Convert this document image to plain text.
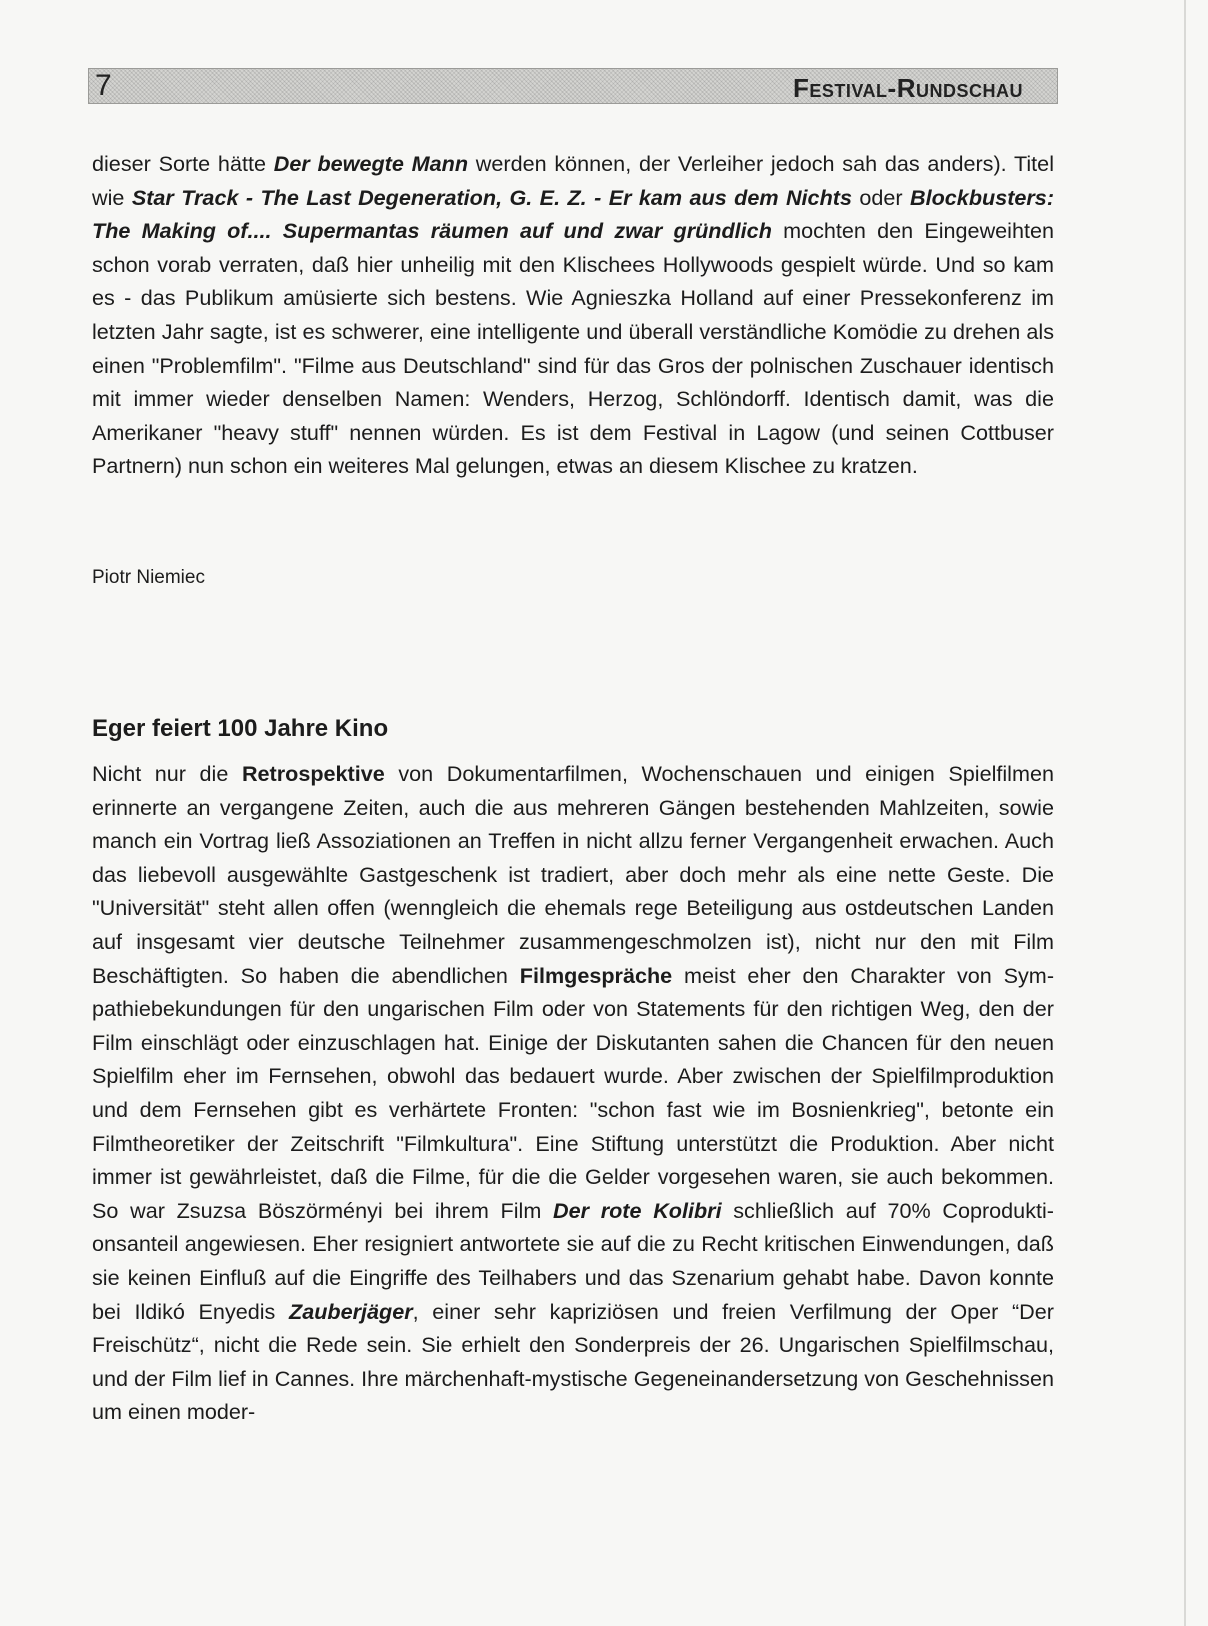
7	Festival-Rundschau

dieser Sorte hätte Der bewegte Mann werden können, der Verleiher jedoch sah das anders). Titel wie Star Track - The Last Degeneration, G. E. Z. - Er kam aus dem Nichts oder Blockbusters: The Making of.... Supermantas räumen auf und zwar gründlich mochten den Eingeweihten schon vorab verraten, daß hier unheilig mit den Klischees Hollywoods gespielt würde. Und so kam es - das Publikum amüsierte sich bestens. Wie Agnieszka Holland auf einer Pressekonferenz im letzten Jahr sagte, ist es schwerer, eine intelligente und überall verständliche Komödie zu drehen als einen "Problemfilm". "Filme aus Deutschland" sind für das Gros der polnischen Zuschauer identisch mit immer wieder denselben Namen: Wenders, Herzog, Schlöndorff. Identisch damit, was die Amerikaner "heavy stuff" nennen würden. Es ist dem Festival in Lagow (und seinen Cottbuser Partnern) nun schon ein weiteres Mal gelungen, etwas an diesem Klischee zu kratzen.

Piotr Niemiec
Eger feiert 100 Jahre Kino

Nicht nur die Retrospektive von Dokumentarfilmen, Wochenschauen und einigen Spielfilmen erinnerte an vergangene Zeiten, auch die aus mehreren Gängen bestehenden Mahlzeiten, sowie manch ein Vortrag ließ Assoziationen an Treffen in nicht allzu ferner Vergangenheit erwachen. Auch das liebevoll ausgewählte Gastgeschenk ist tradiert, aber doch mehr als eine nette Geste. Die "Universität" steht allen offen (wenngleich die ehemals rege Beteiligung aus ostdeutschen Landen auf insgesamt vier deutsche Teilnehmer zusammengeschmolzen ist), nicht nur den mit Film Beschäftigten. So haben die abendlichen Filmgespräche meist eher den Charakter von Sympathiebekundungen für den ungarischen Film oder von Statements für den richtigen Weg, den der Film einschlägt oder einzuschlagen hat. Einige der Diskutanten sahen die Chancen für den neuen Spielfilm eher im Fernsehen, obwohl das bedauert wurde. Aber zwischen der Spielfilmproduktion und dem Fernsehen gibt es verhärtete Fronten: "schon fast wie im Bosnienkrieg", betonte ein Filmtheoretiker der Zeitschrift "Filmkultura". Eine Stiftung unterstützt die Produktion. Aber nicht immer ist gewährleistet, daß die Filme, für die die Gelder vorgesehen waren, sie auch bekommen. So war Zsuzsa Böszörményi bei ihrem Film Der rote Kolibri schließlich auf 70% Coproduktionsanteil angewiesen. Eher resigniert antwortete sie auf die zu Recht kritischen Einwendungen, daß sie keinen Einfluß auf die Eingriffe des Teilhabers und das Szenarium gehabt habe. Davon konnte bei Ildikó Enyedis Zauberjäger, einer sehr kapriziösen und freien Verfilmung der Oper “Der Freischütz“, nicht die Rede sein. Sie erhielt den Sonderpreis der 26. Ungarischen Spielfilmschau, und der Film lief in Cannes. Ihre märchenhaft-mystische Gegeneinandersetzung von Geschehnissen um einen moder-
